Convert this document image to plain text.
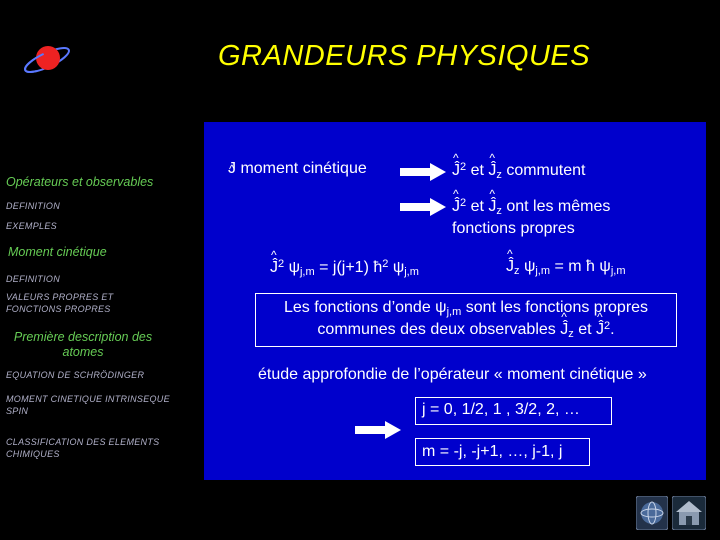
GRANDEURS PHYSIQUES
Opérateurs et observables
DEFINITION
EXEMPLES
Moment cinétique
DEFINITION
VALEURS PROPRES ET FONCTIONS PROPRES
Première description des atomes
EQUATION DE SCHRÖDINGER
MOMENT CINETIQUE INTRINSEQUE SPIN
CLASSIFICATION DES ELEMENTS CHIMIQUES
J moment cinétique	^ $Ĵ^2$ et ^ $Ĵ_z$ commutent
^ $Ĵ^2$ et ^ $Ĵ_z$ ont les mêmes
fonctions propres
^ $Ĵ^2$ $\psi_{j,m} = j(j+1)$ $ħ^2$ $\psi_{j,m}$	^ $Ĵ_z$ $\psi_{j,m} = m$ ħ $\psi_{j,m}$
Les fonctions d’onde $\psi_{j,m}$ sont les fonctions propres
communes des deux observables ^ $Ĵ_z$ et ^ $Ĵ^2$.
étude approfondie de l’opérateur « moment cinétique »
j = 0, 1/2, 1 , 3/2, 2, …
m = -j, -j+1, …, j-1, j
